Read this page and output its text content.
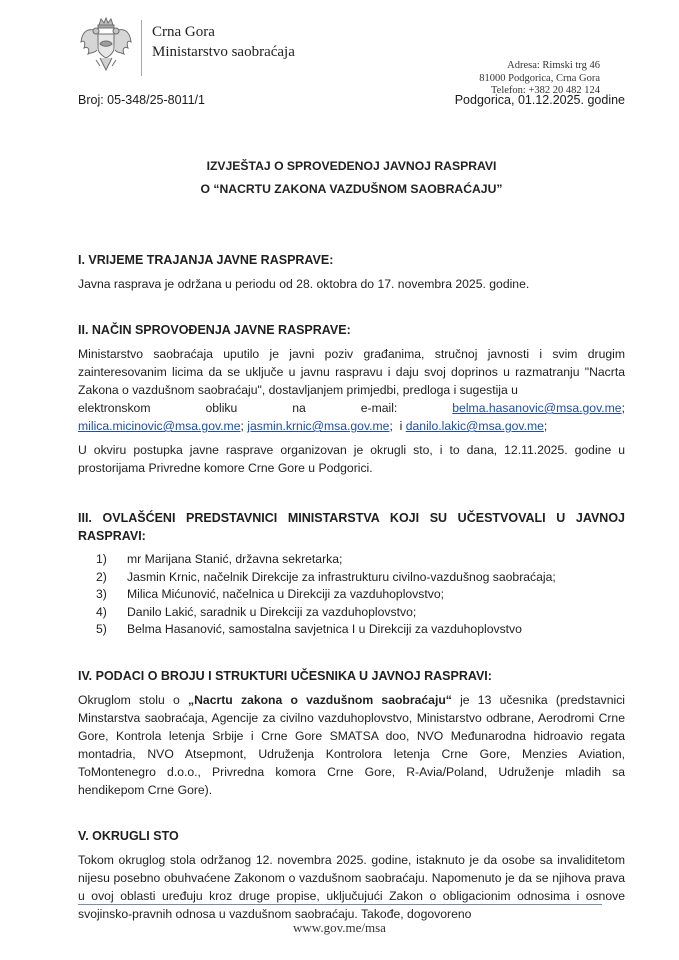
Crna Gora
Ministarstvo saobraćaja
Adresa: Rimski trg 46
81000 Podgorica, Crna Gora
Telefon: +382 20 482 124
Broj: 05-348/25-8011/1	Podgorica, 01.12.2025. godine
IZVJEŠTAJ O SPROVEDENOJ JAVNOJ RASPRAVI
O “NACRTU ZAKONA VAZDUŠNOM SAOBRAĆAJU”
I. VRIJEME TRAJANJA JAVNE RASPRAVE:

Javna rasprava je održana u periodu od 28. oktobra do 17. novembra 2025. godine.

II. NAČIN SPROVOĐENJA JAVNE RASPRAVE:

Ministarstvo saobraćaja uputilo je javni poziv građanima, stručnoj javnosti i svim drugim zainteresovanim licima da se uključe u javnu raspravu i daju svoj doprinos u razmatranju "Nacrta Zakona o vazdušnom saobraćaju", dostavljanjem primjedbi, predloga i sugestija u

elektronskom	obliku	na	e-mail:	belma.hasanovic@msa.gov.me;
milica.micinovic@msa.gov.me; jasmin.krnic@msa.gov.me;  i danilo.lakic@msa.gov.me;

U okviru postupka javne rasprave organizovan je okrugli sto, i to dana, 12.11.2025. godine u prostorijama Privredne komore Crne Gore u Podgorici.

III. OVLAŠĆENI PREDSTAVNICI MINISTARSTVA KOJI SU UČESTVOVALI U JAVNOJ RASPRAVI:

1)	mr Marijana Stanić, državna sekretarka;
2)	Jasmin Krnic, načelnik Direkcije za infrastrukturu civilno-vazdušnog saobraćaja;
3)	Milica Mićunović, načelnica u Direkciji za vazduhoplovstvo;
4)	Danilo Lakić, saradnik u Direkciji za vazduhoplovstvo;
5)	Belma Hasanović, samostalna savjetnica I u Direkciji za vazduhoplovstvo
IV. PODACI O BROJU I STRUKTURI UČESNIKA U JAVNOJ RASPRAVI:

Okruglom stolu o „Nacrtu zakona o vazdušnom saobraćaju“ je 13 učesnika (predstavnici Minstarstva saobraćaja, Agencije za civilno vazduhoplovstvo, Ministarstvo odbrane, Aerodromi Crne Gore, Kontrola letenja Srbije i Crne Gore SMATSA doo, NVO Međunarodna hidroavio regata montadria, NVO Atsepmont, Udruženja Kontrolora letenja Crne Gore, Menzies Aviation, ToMontenegro d.o.o., Privredna komora Crne Gore, R-Avia/Poland, Udruženje mladih sa hendikepom Crne Gore).

V. OKRUGLI STO

Tokom okruglog stola održanog 12. novembra 2025. godine, istaknuto je da osobe sa invaliditetom nijesu posebno obuhvaćene Zakonom o vazdušnom saobraćaju. Napomenuto je da se njihova prava u ovoj oblasti uređuju kroz druge propise, uključujući Zakon o obligacionim odnosima i osnove svojinsko-pravnih odnosa u vazdušnom saobraćaju. Takođe, dogovoreno

www.gov.me/msa
